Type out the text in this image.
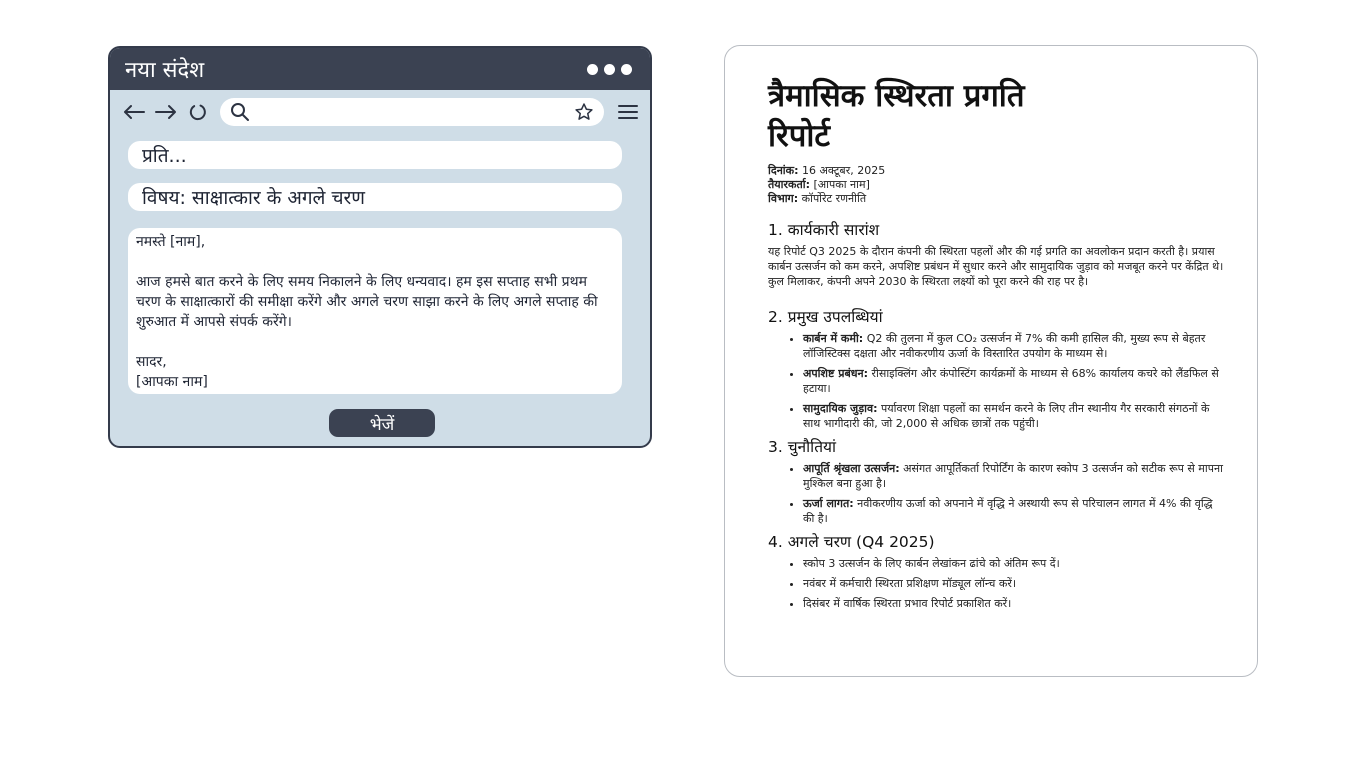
नया संदेश
प्रति...
विषय: साक्षात्कार के अगले चरण

नमस्ते [नाम],

आज हमसे बात करने के लिए समय निकालने के लिए धन्यवाद। हम इस सप्ताह सभी प्रथम चरण के साक्षात्कारों की समीक्षा करेंगे और अगले चरण साझा करने के लिए अगले सप्ताह की शुरुआत में आपसे संपर्क करेंगे।

सादर,

[आपका नाम]

भेजें
त्रैमासिक स्थिरता प्रगति रिपोर्ट
दिनांक: 16 अक्टूबर, 2025
तैयारकर्ता: [आपका नाम]
विभाग: कॉर्पोरेट रणनीति
1. कार्यकारी सारांश

यह रिपोर्ट Q3 2025 के दौरान कंपनी की स्थिरता पहलों और की गई प्रगति का अवलोकन प्रदान करती है। प्रयास कार्बन उत्सर्जन को कम करने, अपशिष्ट प्रबंधन में सुधार करने और सामुदायिक जुड़ाव को मजबूत करने पर केंद्रित थे। कुल मिलाकर, कंपनी अपने 2030 के स्थिरता लक्ष्यों को पूरा करने की राह पर है।

2. प्रमुख उपलब्धियां
• कार्बन में कमी: Q2 की तुलना में कुल CO₂ उत्सर्जन में 7% की कमी हासिल की, मुख्य रूप से बेहतर लॉजिस्टिक्स दक्षता और नवीकरणीय ऊर्जा के विस्तारित उपयोग के माध्यम से।
• अपशिष्ट प्रबंधन: रीसाइक्लिंग और कंपोस्टिंग कार्यक्रमों के माध्यम से 68% कार्यालय कचरे को लैंडफिल से हटाया।
• सामुदायिक जुड़ाव: पर्यावरण शिक्षा पहलों का समर्थन करने के लिए तीन स्थानीय गैर सरकारी संगठनों के साथ भागीदारी की, जो 2,000 से अधिक छात्रों तक पहुंची।
3. चुनौतियां
• आपूर्ति श्रृंखला उत्सर्जन: असंगत आपूर्तिकर्ता रिपोर्टिंग के कारण स्कोप 3 उत्सर्जन को सटीक रूप से मापना मुश्किल बना हुआ है।
• ऊर्जा लागत: नवीकरणीय ऊर्जा को अपनाने में वृद्धि ने अस्थायी रूप से परिचालन लागत में 4% की वृद्धि की है।
4. अगले चरण (Q4 2025)
• स्कोप 3 उत्सर्जन के लिए कार्बन लेखांकन ढांचे को अंतिम रूप दें।
• नवंबर में कर्मचारी स्थिरता प्रशिक्षण मॉड्यूल लॉन्च करें।
• दिसंबर में वार्षिक स्थिरता प्रभाव रिपोर्ट प्रकाशित करें।
